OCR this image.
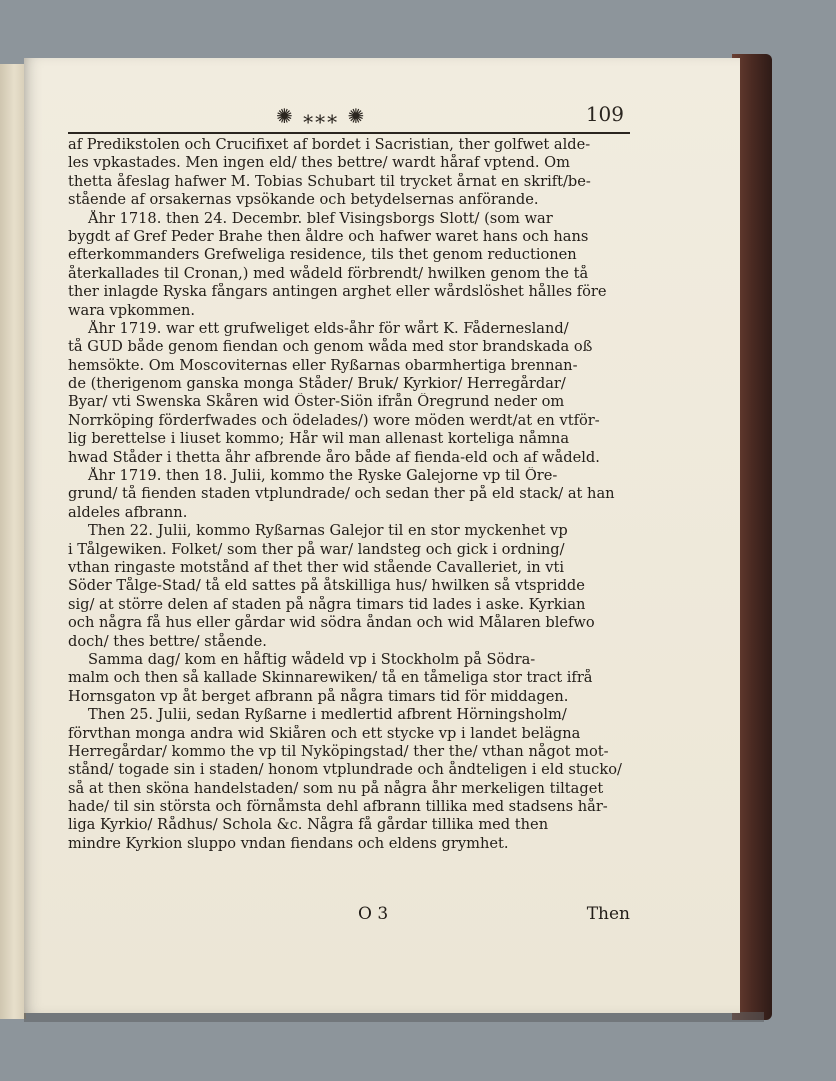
✺ ⁎⁎⁎ ✺	109
af Predikstolen och Crucifixet af bordet i Sacristian, ther golfwet alde-
les vpkastades. Men ingen eld/ thes bettre/ wardt håraf vptend. Om
thetta åfeslag hafwer M. Tobias Schubart til trycket årnat en skrift/be-
stående af orsakernas vpsökande och betydelsernas anförande.
Åhr 1718. then 24. Decembr. blef Visingsborgs Slott/ (som war
bygdt af Gref Peder Brahe then åldre och hafwer waret hans och hans
efterkommanders Grefweliga residence, tils thet genom reductionen
återkallades til Cronan,) med wådeld förbrendt/ hwilken genom the tå
ther inlagde Ryska fångars antingen arghet eller wårdslöshet hålles före
wara vpkommen.
Åhr 1719. war ett grufweliget elds-åhr för wårt K. Fådernesland/
tå GUD både genom fiendan och genom wåda med stor brandskada oß
hemsökte. Om Moscoviternas eller Ryßarnas obarmhertiga brennan-
de (therigenom ganska monga Ståder/ Bruk/ Kyrkior/ Herregårdar/
Byar/ vti Swenska Skåren wid Öster-Siön ifrån Öregrund neder om
Norrköping förderfwades och ödelades/) wore möden werdt/at en vtför-
lig berettelse i liuset kommo; Hår wil man allenast korteliga nåmna
hwad Ståder i thetta åhr afbrende åro både af fienda-eld och af wådeld.
Åhr 1719. then 18. Julii, kommo the Ryske Galejorne vp til Öre-
grund/ tå fienden staden vtplundrade/ och sedan ther på eld stack/ at han
aldeles afbrann.
Then 22. Julii, kommo Ryßarnas Galejor til en stor myckenhet vp
i Tålgewiken. Folket/ som ther på war/ landsteg och gick i ordning/
vthan ringaste motstånd af thet ther wid stående Cavalleriet, in vti
Söder Tålge-Stad/ tå eld sattes på åtskilliga hus/ hwilken så vtspridde
sig/ at större delen af staden på några timars tid lades i aske. Kyrkian
och några få hus eller gårdar wid södra åndan och wid Målaren blefwo
doch/ thes bettre/ stående.
Samma dag/ kom en håftig wådeld vp i Stockholm på Södra-
malm och then så kallade Skinnarewiken/ tå en tåmeliga stor tract ifrå
Hornsgaton vp åt berget afbrann på några timars tid för middagen.
Then 25. Julii, sedan Ryßarne i medlertid afbrent Hörningsholm/
förvthan monga andra wid Skiåren och ett stycke vp i landet belägna
Herregårdar/ kommo the vp til Nyköpingstad/ ther the/ vthan något mot-
stånd/ togade sin i staden/ honom vtplundrade och åndteligen i eld stucko/
så at then sköna handelstaden/ som nu på några åhr merkeligen tiltaget
hade/ til sin största och förnåmsta dehl afbrann tillika med stadsens hår-
liga Kyrkio/ Rådhus/ Schola &c. Några få gårdar tillika med then
mindre Kyrkion sluppo vndan fiendans och eldens grymhet.
O 3	Then
